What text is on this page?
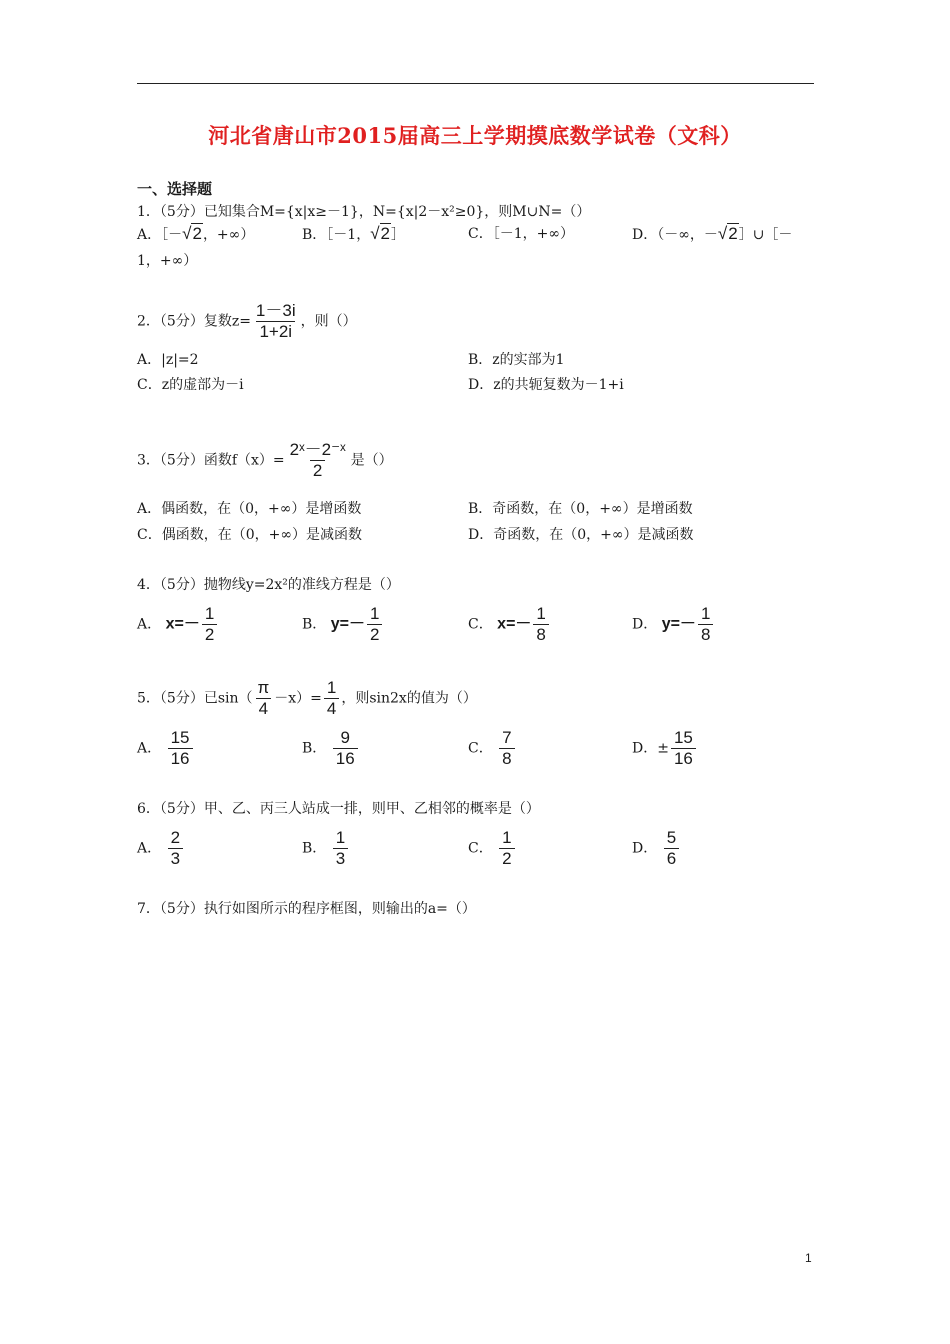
河北省唐山市2015届高三上学期摸底数学试卷（文科）
一、选择题
1．（5分）已知集合M={x|x≥－1}，N={x|2－x²≥0}，则M∪N=（）
A．［－√2，+∞）	B．［－1，√2］	C．［－1，+∞）	D．（－∞，－√2］∪［－
1，+∞）
2．（5分）复数$z= \frac{1-3i}{1+2i}$ ，则（）
A．|z|=2	B．z的实部为1
C．z的虚部为－i	D．z的共轭复数为－1+i
3．（5分）函数$f(x)= \frac{\text{2ˣ－2⁻ˣ}}{2}$ 是（）
A．偶函数，在（0，+∞）是增函数	B．奇函数，在（0，+∞）是增函数
C．偶函数，在（0，+∞）是减函数	D．奇函数，在（0，+∞）是减函数
4．（5分）抛物线y=2x²的准线方程是（）
A． $x=- \frac{1}{2}$	B． $y=- \frac{1}{2}$	C． $x=- \frac{1}{8}$	D． $y=- \frac{1}{8}$
5．（5分）已$\sin( \frac{\pi}{4} -x)= \frac{1}{4}$ ，则sin2x的值为（）
A． $\frac{15}{16}$	B． $\frac{9}{16}$	C． $\frac{7}{8}$	D．± $\frac{15}{16}$
6．（5分）甲、乙、丙三人站成一排，则甲、乙相邻的概率是（）
A． $\frac{2}{3}$	B． $\frac{1}{3}$	C． $\frac{1}{2}$	D． $\frac{5}{6}$
7．（5分）执行如图所示的程序框图，则输出的a=（）
1
